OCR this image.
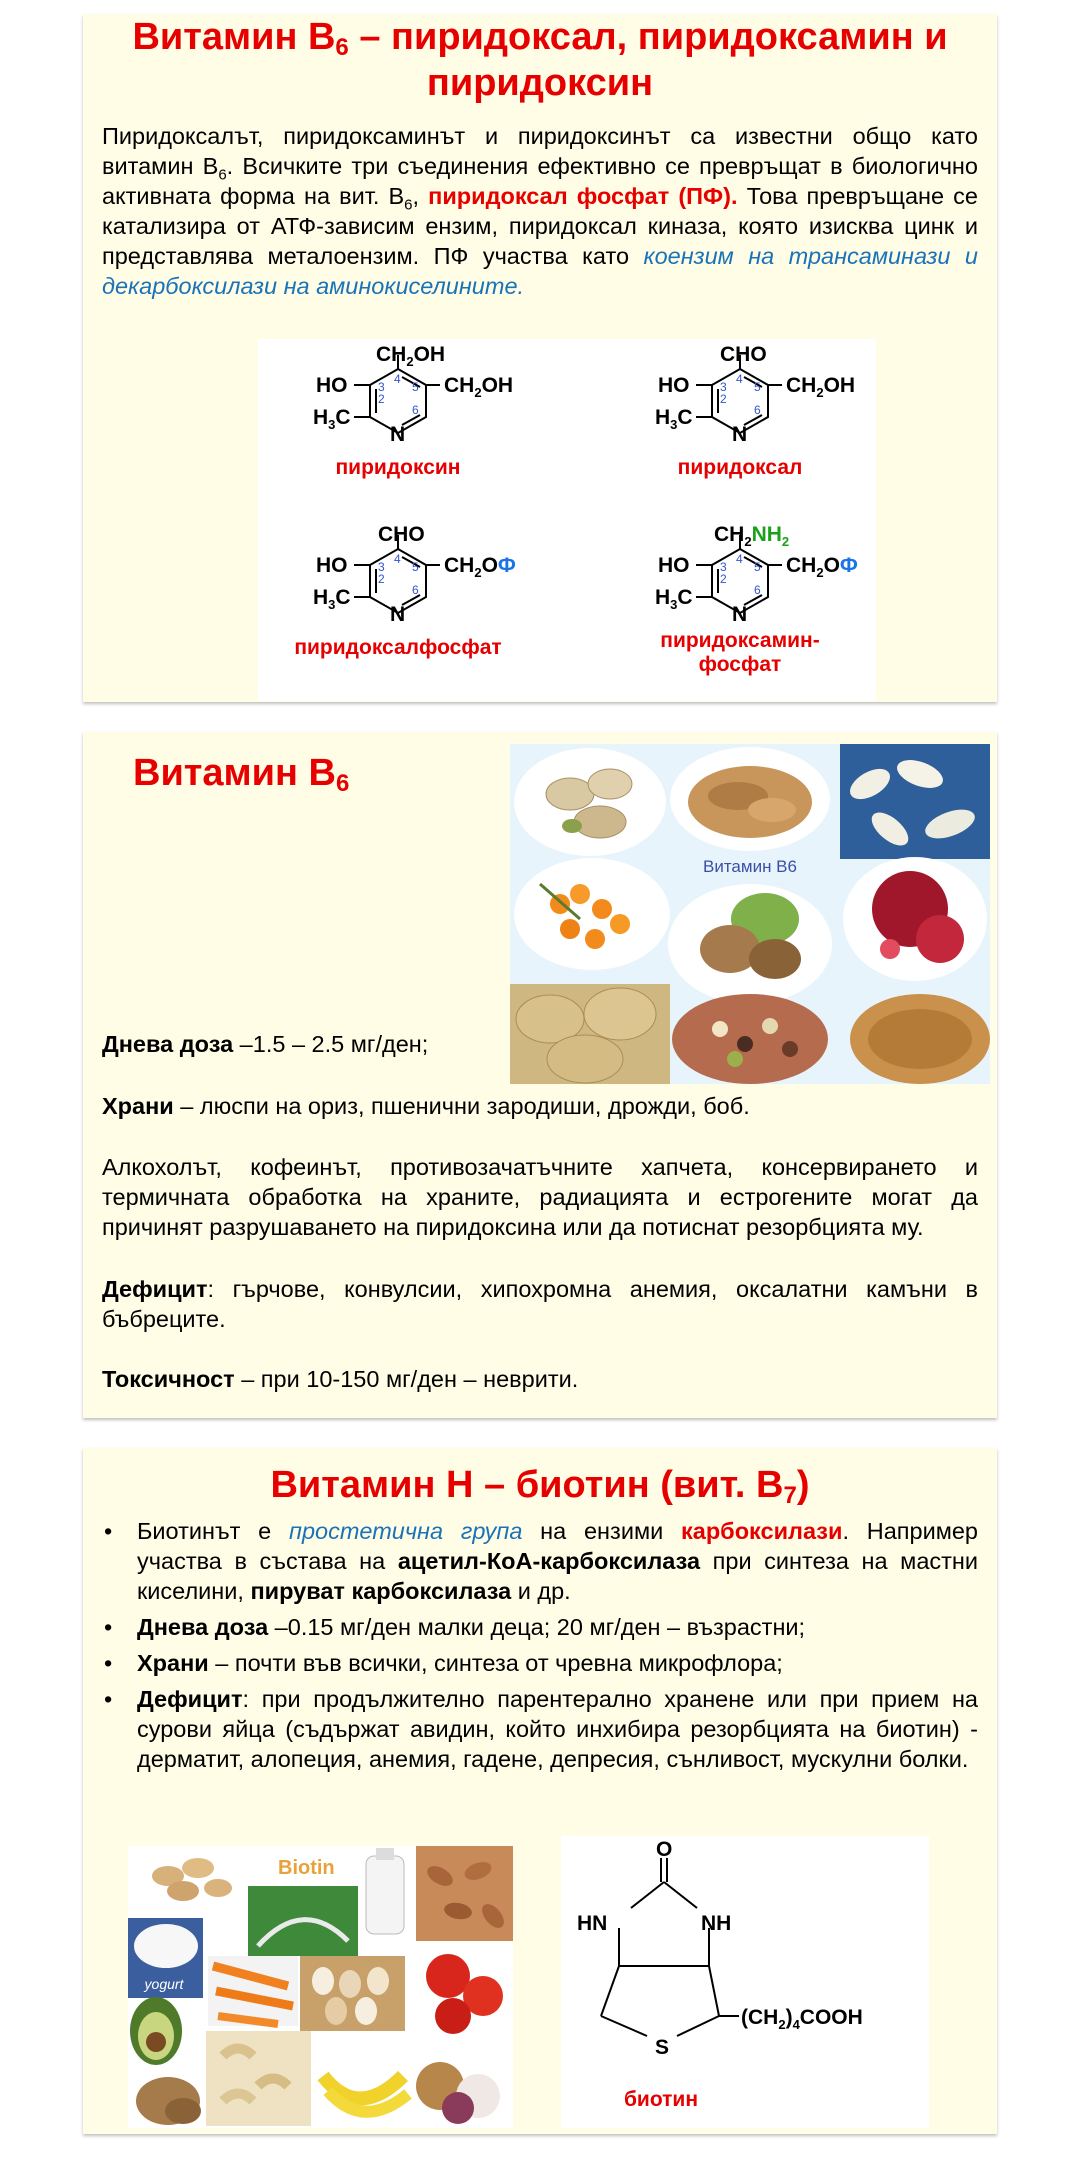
Витамин $B_6$ – пиридоксал, пиридоксамин и пиридоксин

Пиридоксалът, пиридоксаминът и пиридоксинът са известни общо като витамин $B_6$. Всичките три съединения ефективно се превръщат в биологично активната форма на вит. $B_6$, пиридоксал фосфат (ПФ). Това превръщане се катализира от АТФ-зависим ензим, пиридоксал киназа, която изисква цинк и представлява металоензим. ПФ участва като коензим на трансаминази и декарбоксилази на аминокиселините.

$CH_2OH$
$CH_2OH$
HO
$H_3C$
N
2
3
4
5
6
пиридоксин
CHO
$CH_2OH$
HO
$H_3C$
N
2
3
4
5
6
пиридоксал
CHO
$CH_2OФ$
HO
$H_3C$
N
2
3
4
5
6
пиридоксалфосфат
$CH_2NH_2$
$CH_2OФ$
HO
$H_3C$
N
2
3
4
5
6
пиридоксамин-
фосфат
Витамин $B_6$
Витамин B6

Днева доза –1.5 – 2.5 мг/ден;

Храни – люспи на ориз, пшенични зародиши, дрожди, боб.

Алкохолът, кофеинът, противозачатъчните хапчета, консервирането и термичната обработка на храните, радиацията и естрогените могат да причинят разрушаването на пиридоксина или да потиснат резорбцията му.

Дефицит: гърчове, конвулсии, хипохромна анемия, оксалатни камъни в бъбреците.

Токсичност – при 10-150 мг/ден – неврити.

Витамин H – биотин (вит. $B_7$)
• Биотинът е простетична група на ензими карбоксилази. Например участва в състава на ацетил-КоА-карбоксилаза при синтеза на мастни киселини, пируват карбоксилаза и др.
• Днева доза –0.15 мг/ден малки деца; 20 мг/ден – възрастни;
• Храни – почти във всички, синтеза от чревна микрофлора;
• Дефицит: при продължително парентерално хранене или при прием на сурови яйца (съдържат авидин, който инхибира резорбцията на биотин) - дерматит, алопеция, анемия, гадене, депресия, сънливост, мускулни болки.
Biotin
yogurt
O
HN	NH
S
$(CH_2)_4COOH$
биотин
